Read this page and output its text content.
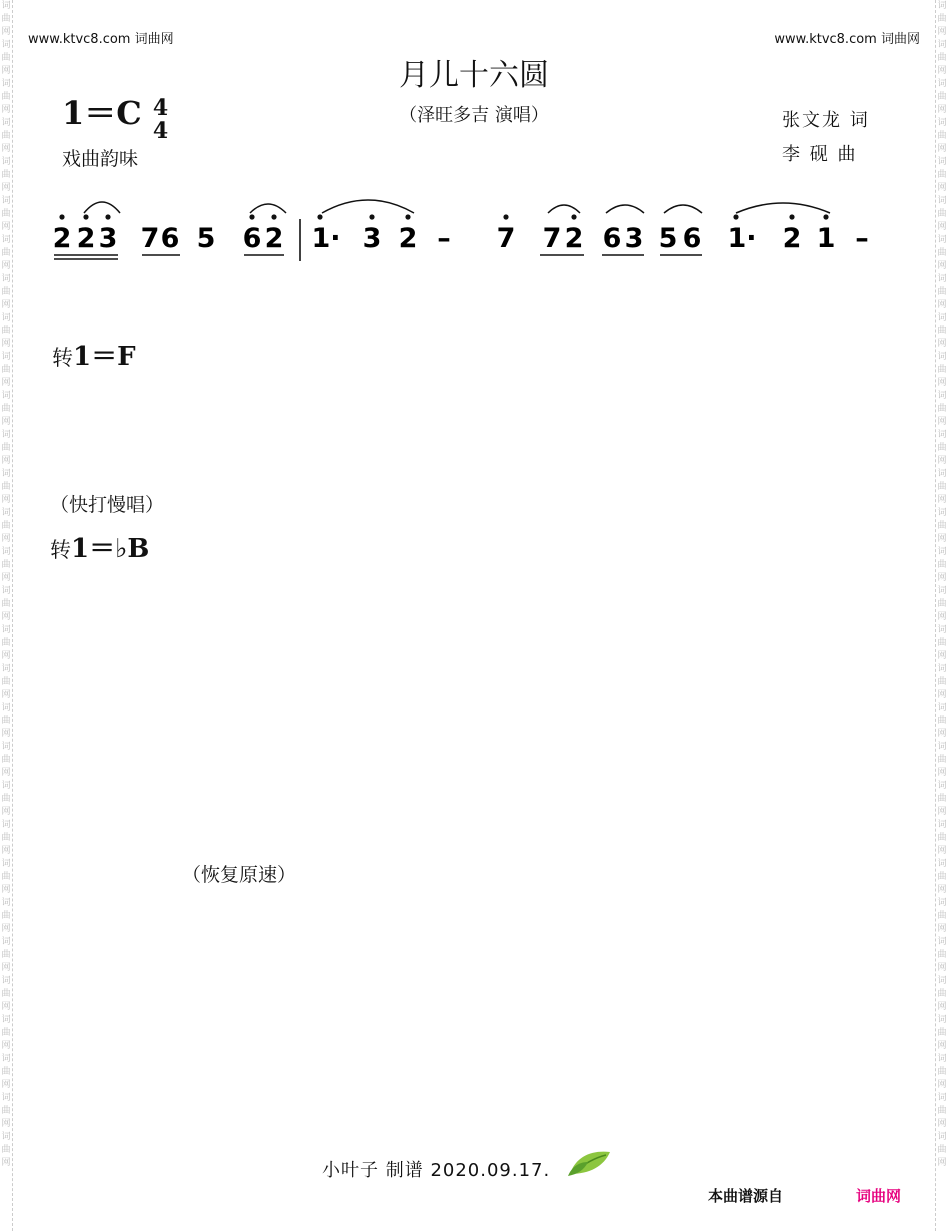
词曲网词曲网词曲网词曲网词曲网词曲网词曲网词曲网词曲网词曲网词曲网词曲网词曲网词曲网词曲网词曲网词曲网词曲网词曲网词曲网词曲网词曲网词曲网词曲网词曲网词曲网词曲网词曲网词曲网词曲网
词曲网词曲网词曲网词曲网词曲网词曲网词曲网词曲网词曲网词曲网词曲网词曲网词曲网词曲网词曲网词曲网词曲网词曲网词曲网词曲网词曲网词曲网词曲网词曲网词曲网词曲网词曲网词曲网词曲网词曲网
www.ktvc8.com 词曲网	www.ktvc8.com 词曲网
月儿十六圆
（泽旺多吉 演唱）
1＝C 4
4
戏曲韵味
张文龙 词
李 砚 曲
转1＝F
（快打慢唱）
转1＝♭B
（恢复原速）
2 2 3 7 6 5 6 2 1· 3 2 – 7 7 2 6 3 5 6 1· 2 1 –
小叶子 制谱 2020.09.17.
本曲谱源自	词曲网
